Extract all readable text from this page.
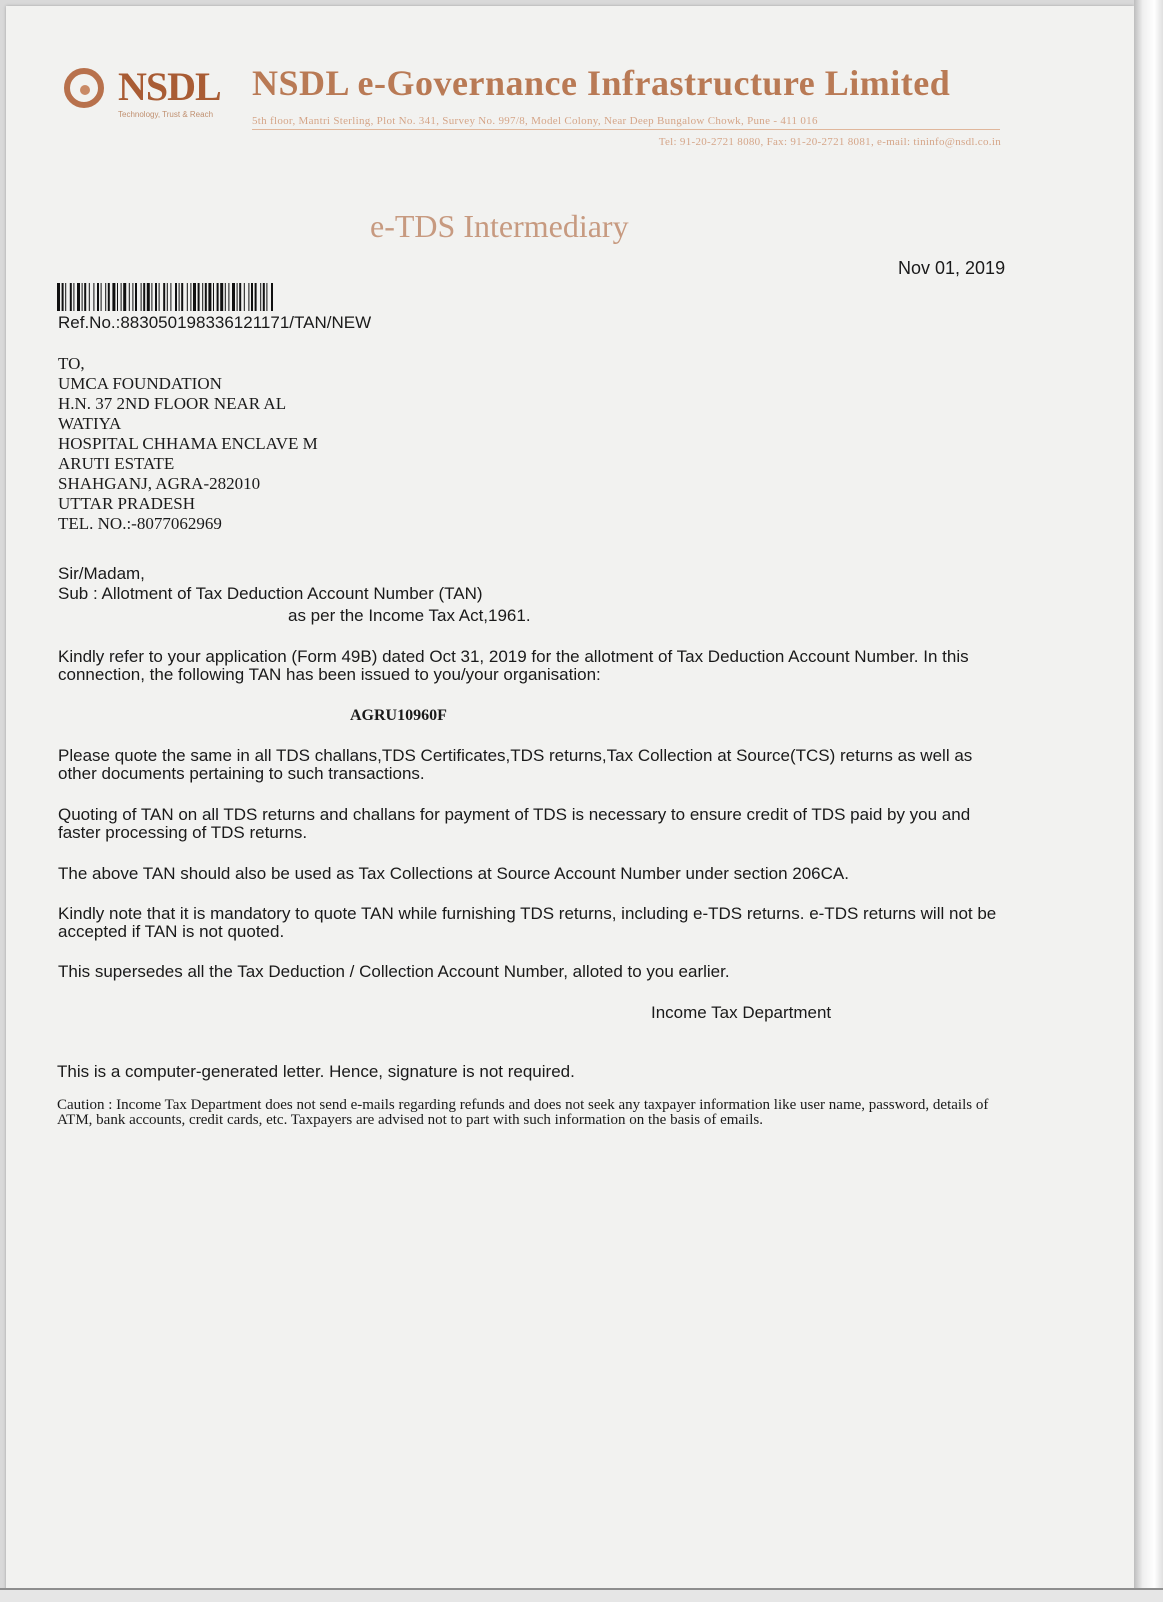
NSDL
Technology, Trust & Reach
NSDL e-Governance Infrastructure Limited
5th floor, Mantri Sterling, Plot No. 341, Survey No. 997/8, Model Colony, Near Deep Bungalow Chowk, Pune - 411 016
Tel: 91-20-2721 8080, Fax: 91-20-2721 8081, e-mail: tininfo@nsdl.co.in
e-TDS Intermediary
Nov 01, 2019
Ref.No.:883050198336121171/TAN/NEW
TO,
UMCA FOUNDATION
H.N. 37 2ND FLOOR NEAR AL
WATIYA
HOSPITAL CHHAMA ENCLAVE M
ARUTI ESTATE
SHAHGANJ, AGRA-282010
UTTAR PRADESH
TEL. NO.:-8077062969
Sir/Madam,
Sub : Allotment of Tax Deduction Account Number (TAN)
as per the Income Tax Act,1961.
Kindly refer to your application (Form 49B) dated Oct 31, 2019 for the allotment of Tax Deduction Account Number. In this connection, the following TAN has been issued to you/your organisation:
AGRU10960F
Please quote the same in all TDS challans,TDS Certificates,TDS returns,Tax Collection at Source(TCS) returns as well as other documents pertaining to such transactions.
Quoting of TAN on all TDS returns and challans for payment of TDS is necessary to ensure credit of TDS paid by you and faster processing of TDS returns.
The above TAN should also be used as Tax Collections at Source Account Number under section 206CA.
Kindly note that it is mandatory to quote TAN while furnishing TDS returns, including e-TDS returns. e-TDS returns will not be accepted if TAN is not quoted.
This supersedes all the Tax Deduction / Collection Account Number, alloted to you earlier.
Income Tax Department
This is a computer-generated letter. Hence, signature is not required.
Caution : Income Tax Department does not send e-mails regarding refunds and does not seek any taxpayer information like user name, password, details of ATM, bank accounts, credit cards, etc. Taxpayers are advised not to part with such information on the basis of emails.
